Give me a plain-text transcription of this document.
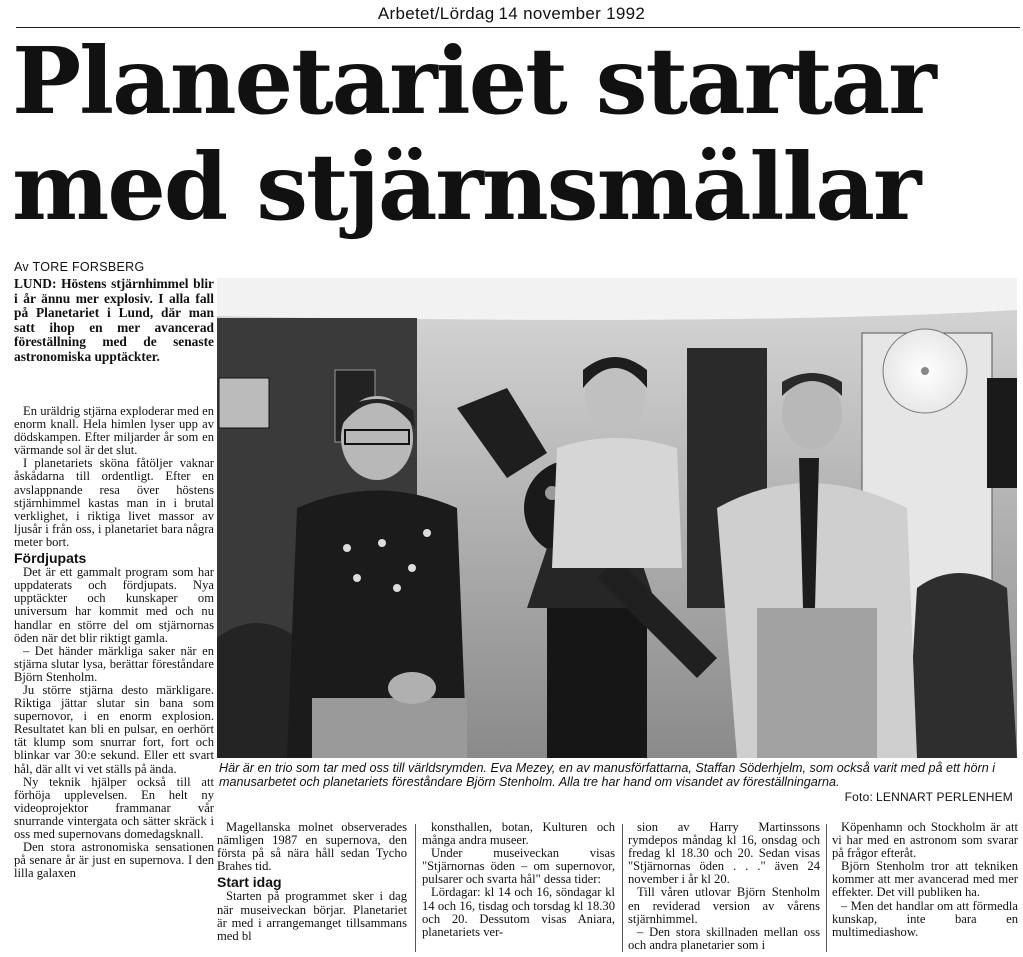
Arbetet/Lördag 14 november 1992
Planetariet startar
med stjärnsmällar
Av TORE FORSBERG
LUND: Höstens stjärnhimmel blir i år ännu mer explosiv. I alla fall på Planetariet i Lund, där man satt ihop en mer avancerad föreställning med de senaste astronomiska upptäckter.

En uräldrig stjärna exploderar med en enorm knall. Hela himlen lyser upp av dödskampen. Efter miljarder år som en värmande sol är det slut.

I planetariets sköna fåtöljer vaknar åskådarna till ordentligt. Efter en avslappnande resa över höstens stjärnhimmel kastas man in i brutal verklighet, i riktiga livet massor av ljusår i från oss, i planetariet bara några meter bort.

Fördjupats

Det är ett gammalt program som har uppdaterats och fördjupats. Nya upptäckter och kunskaper om universum har kommit med och nu handlar en större del om stjärnornas öden när det blir riktigt gamla.

– Det händer märkliga saker när en stjärna slutar lysa, berättar föreståndare Björn Stenholm.

Ju större stjärna desto märkligare. Riktiga jättar slutar sin bana som supernovor, i en enorm explosion. Resultatet kan bli en pulsar, en oerhört tät klump som snurrar fort, fort och blinkar var 30:e sekund. Eller ett svart hål, där allt vi vet ställs på ända.

Ny teknik hjälper också till att förhöja upplevelsen. En helt ny videoprojektor frammanar vår snurrande vintergata och sätter skräck i oss med supernovans domedagsknall.

Den stora astronomiska sensationen på senare år är just en supernova. I den lilla galaxen

Här är en trio som tar med oss till världsrymden. Eva Mezey, en av manusförfattarna, Staffan Söderhjelm, som också varit med på ett hörn i manusarbetet och planetariets föreståndare Björn Stenholm. Alla tre har hand om visandet av föreställningarna.
Foto: LENNART PERLENHEM

Magellanska molnet observerades nämligen 1987 en supernova, den första på så nära håll sedan Tycho Brahes tid.

Start idag

Starten på programmet sker i dag när museiveckan börjar. Planetariet är med i arrangemanget tillsammans med bl

konsthallen, botan, Kulturen och många andra museer.

Under museiveckan visas "Stjärnornas öden – om supernovor, pulsarer och svarta hål" dessa tider:

Lördagar: kl 14 och 16, söndagar kl 14 och 16, tisdag och torsdag kl 18.30 och 20. Dessutom visas Aniara, planetariets ver-

sion av Harry Martinssons rymdepos måndag kl 16, onsdag och fredag kl 18.30 och 20. Sedan visas "Stjärnornas öden . . ." även 24 november i år kl 20.

Till våren utlovar Björn Stenholm en reviderad version av vårens stjärnhimmel.

– Den stora skillnaden mellan oss och andra planetarier som i

Köpenhamn och Stockholm är att vi har med en astronom som svarar på frågor efteråt.

Björn Stenholm tror att tekniken kommer att mer avancerad med mer effekter. Det vill publiken ha.

– Men det handlar om att förmedla kunskap, inte bara en multimediashow.
